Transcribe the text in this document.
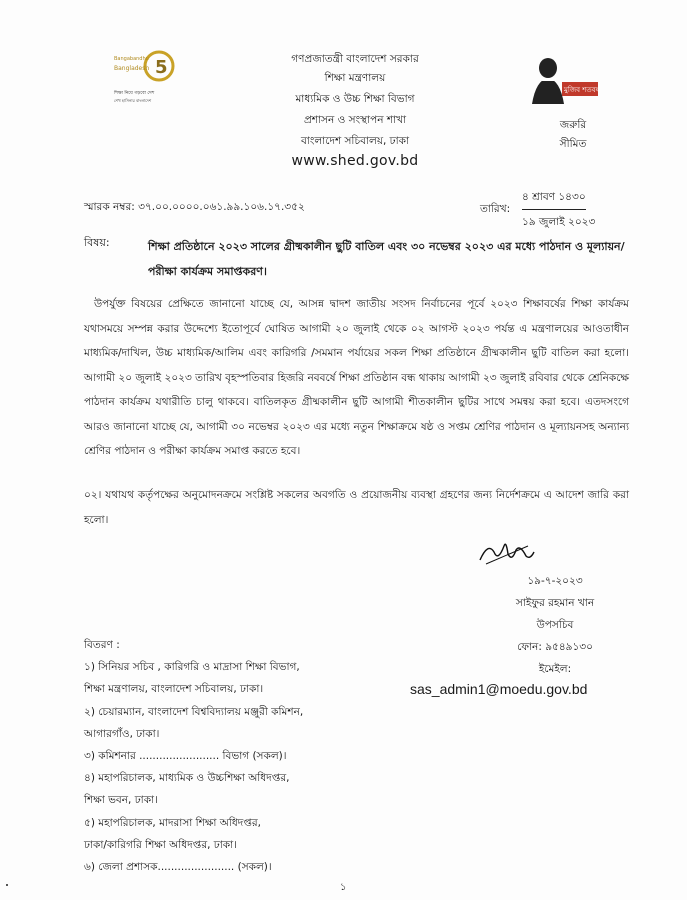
5
Bangabandhu
Bangladesh
শিক্ষা নিয়ে গড়বো দেশ
শেখ হাসিনার বাংলাদেশ
মুজিব শতবর্ষ
গণপ্রজাতন্ত্রী বাংলাদেশ সরকার
শিক্ষা মন্ত্রণালয়
মাধ্যমিক ও উচ্চ শিক্ষা বিভাগ
প্রশাসন ও সংস্থাপন শাখা
বাংলাদেশ সচিবালয়, ঢাকা
www.shed.gov.bd
জরুরি
সীমিত
স্মারক নম্বর: ৩৭.০০.০০০০.০৬১.৯৯.১০৬.১৭.৩৫২	তারিখ:
৪ শ্রাবণ ১৪৩০
১৯ জুলাই ২০২৩
বিষয়:	শিক্ষা প্রতিষ্ঠানে ২০২৩ সালের গ্রীষ্মকালীন ছুটি বাতিল এবং ৩০ নভেম্বর ২০২৩ এর মধ্যে পাঠদান ও মূল্যায়ন/পরীক্ষা কার্যক্রম সমাপ্তকরণ।
উপর্যুক্ত বিষয়ের প্রেক্ষিতে জানানো যাচ্ছে যে, আসন্ন দ্বাদশ জাতীয় সংসদ নির্বাচনের পূর্বে ২০২৩ শিক্ষাবর্ষের শিক্ষা কার্যক্রম যথাসময়ে সম্পন্ন করার উদ্দেশ্যে ইতোপূর্বে ঘোষিত আগামী ২০ জুলাই থেকে ০২ আগস্ট ২০২৩ পর্যন্ত এ মন্ত্রণালয়ের আওতাধীন মাধ্যমিক/দাখিল, উচ্চ মাধ্যমিক/আলিম এবং কারিগরি /সমমান পর্যায়ের সকল শিক্ষা প্রতিষ্ঠানে গ্রীষ্মকালীন ছুটি বাতিল করা হলো। আগামী ২০ জুলাই ২০২৩ তারিখ বৃহস্পতিবার হিজরি নববর্ষে শিক্ষা প্রতিষ্ঠান বন্ধ থাকায় আগামী ২৩ জুলাই রবিবার থেকে শ্রেনিকক্ষে পাঠদান কার্যক্রম যথারীতি চালু থাকবে। বাতিলকৃত গ্রীষ্মকালীন ছুটি আগামী শীতকালীন ছুটির সাথে সমন্বয় করা হবে। এতদসংগে আরও জানানো যাচ্ছে যে, আগামী ৩০ নভেম্বর ২০২৩ এর মধ্যে নতুন শিক্ষাক্রমে ষষ্ঠ ও সপ্তম শ্রেণির পাঠদান ও মূল্যায়নসহ অন্যান্য শ্রেণির পাঠদান ও পরীক্ষা কার্যক্রম সমাপ্ত করতে হবে।
০২। যথাযথ কর্তৃপক্ষের অনুমোদনক্রমে সংশ্লিষ্ট সকলের অবগতি ও প্রয়োজনীয় ব্যবস্থা গ্রহণের জন্য নির্দেশক্রমে এ আদেশ জারি করা হলো।
১৯-৭-২০২৩
সাইফুর রহমান খান
উপসচিব
ফোন: ৯৫৪৯১৩০
ইমেইল:
sas_admin1@moedu.gov.bd
বিতরণ :
১) সিনিয়র সচিব , কারিগরি ও মাদ্রাসা শিক্ষা বিভাগ,
শিক্ষা মন্ত্রণালয়, বাংলাদেশ সচিবালয়, ঢাকা।
২) চেয়ারম্যান, বাংলাদেশ বিশ্ববিদ্যালয় মঞ্জুরী কমিশন,
আগারগাঁও, ঢাকা।
৩) কমিশনার ........................ বিভাগ (সকল)।
৪) মহাপরিচালক, মাধ্যমিক ও উচ্চশিক্ষা অধিদপ্তর,
শিক্ষা ভবন, ঢাকা।
৫) মহাপরিচালক, মাদরাসা শিক্ষা অধিদপ্তর,
ঢাকা/কারিগরি শিক্ষা অধিদপ্তর, ঢাকা।
৬) জেলা প্রশাসক....................... (সকল)।
১
